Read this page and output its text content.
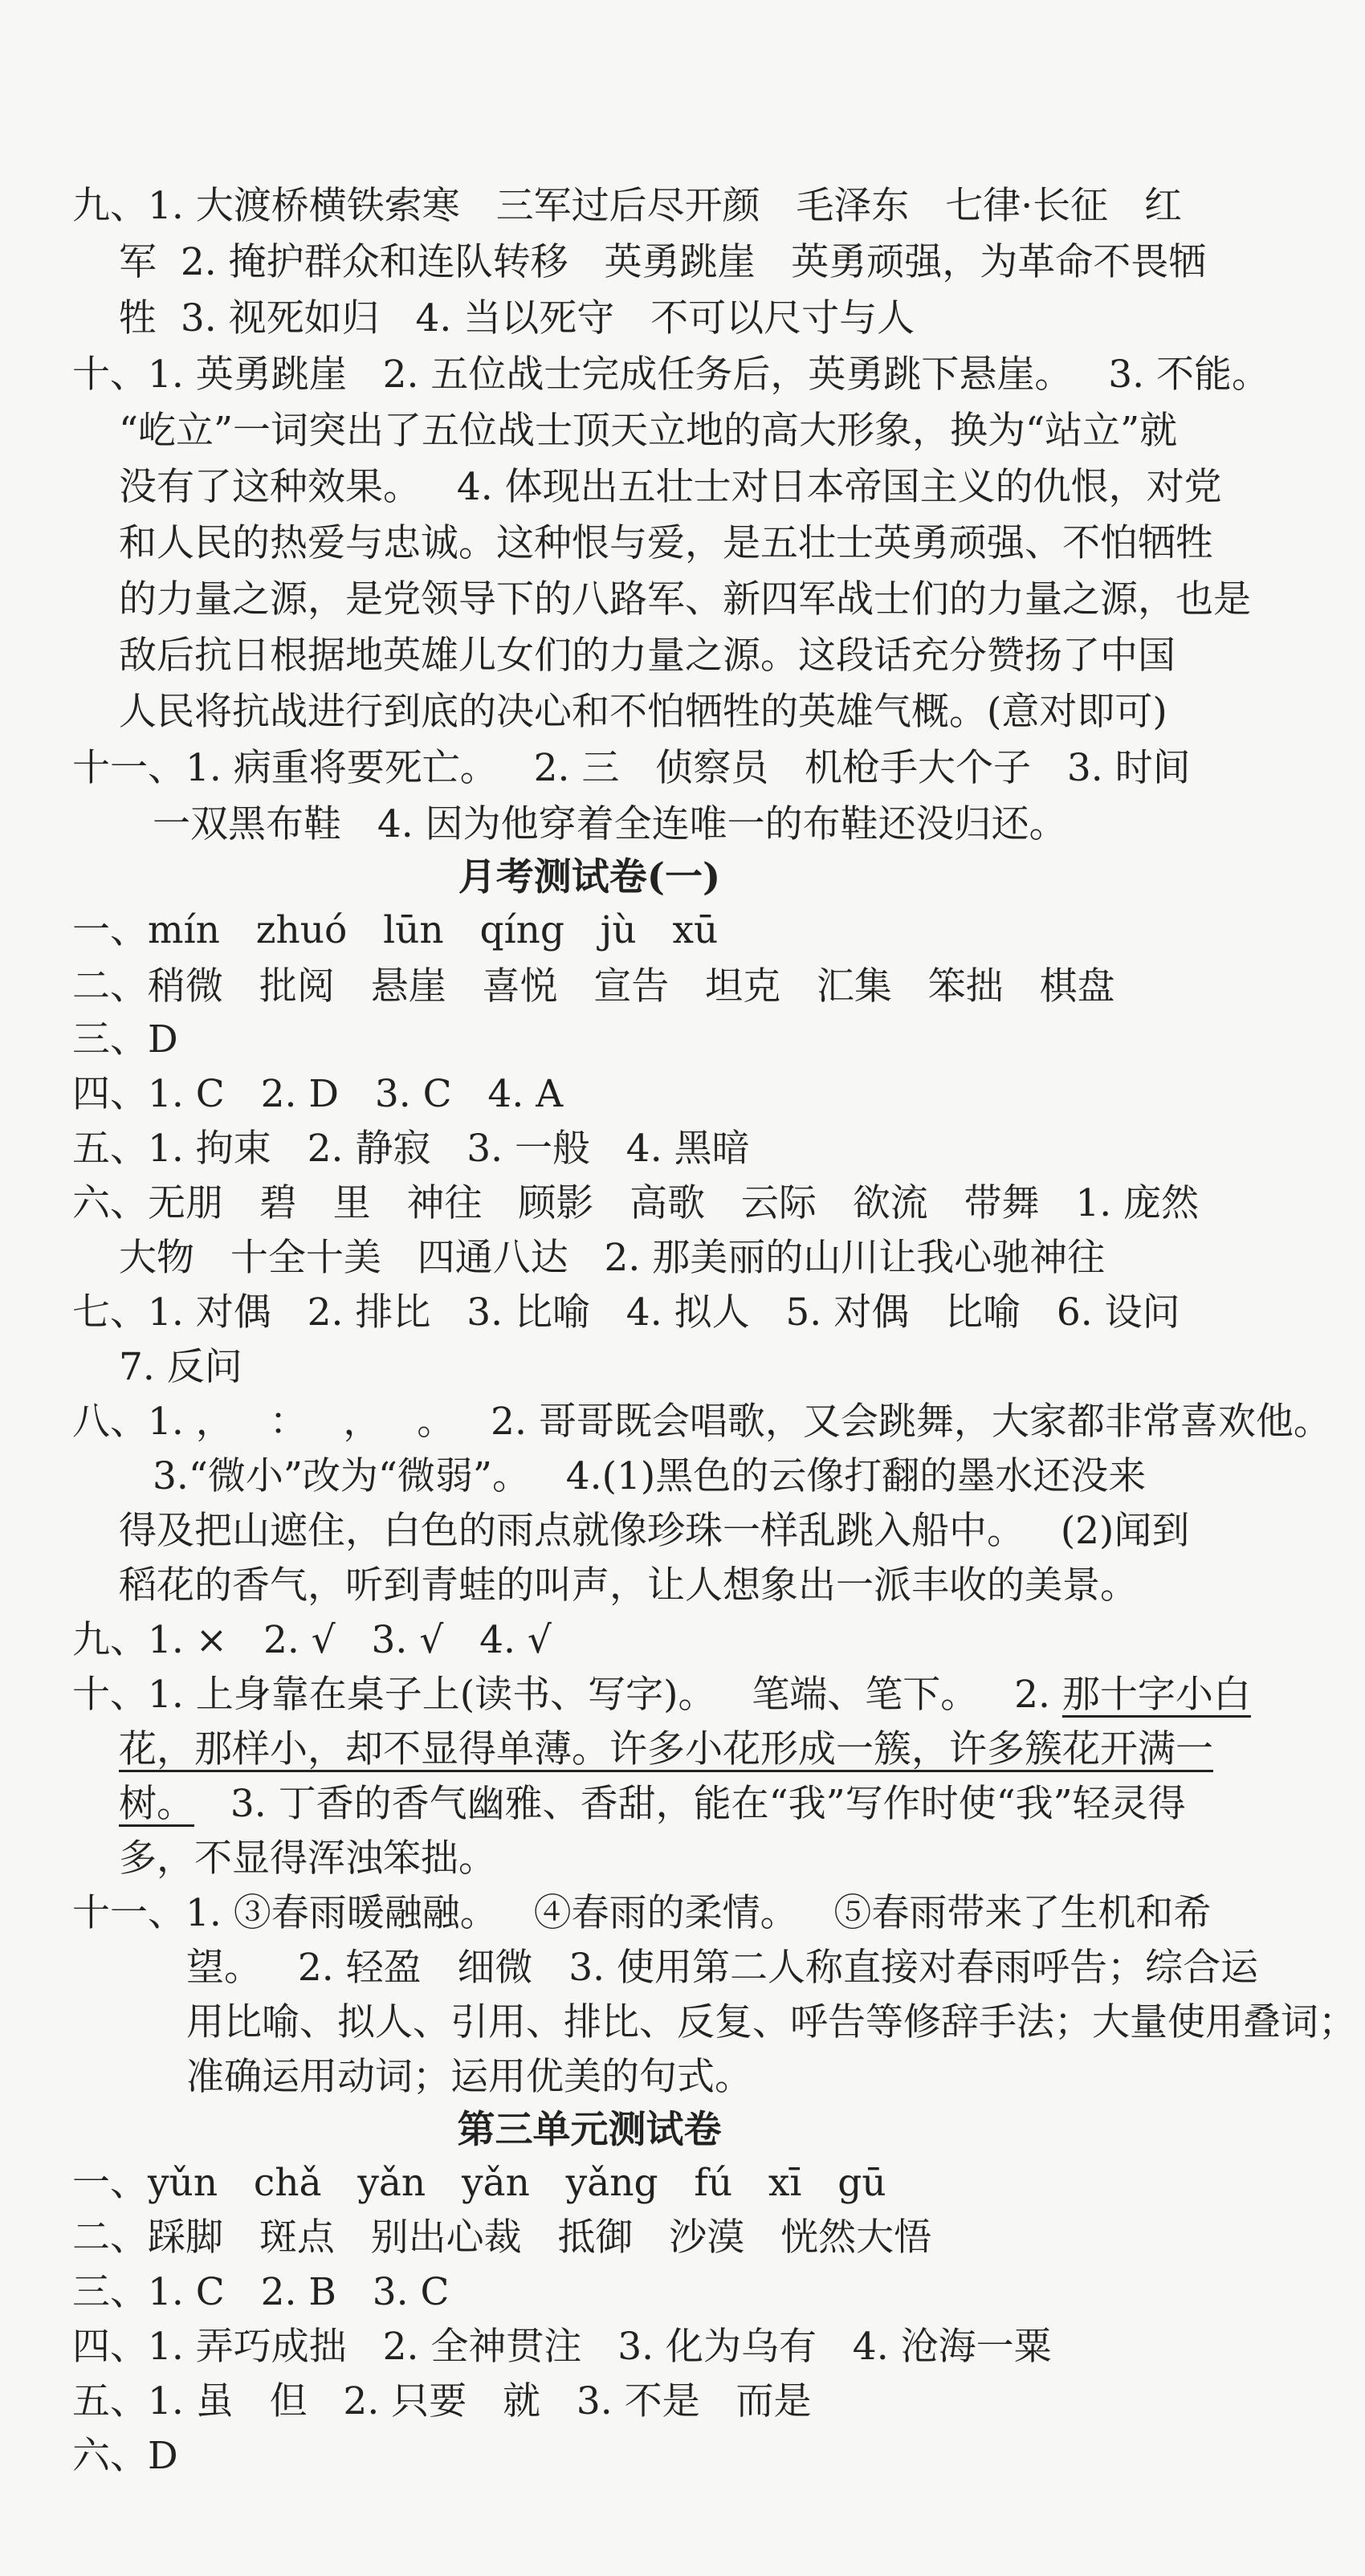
九、1. 大渡桥横铁索寒   三军过后尽开颜   毛泽东   七律·长征   红
军  2. 掩护群众和连队转移   英勇跳崖   英勇顽强，为革命不畏牺
牲  3. 视死如归   4. 当以死守   不可以尺寸与人
十、1. 英勇跳崖   2. 五位战士完成任务后，英勇跳下悬崖。   3. 不能。
“屹立”一词突出了五位战士顶天立地的高大形象，换为“站立”就
没有了这种效果。   4. 体现出五壮士对日本帝国主义的仇恨，对党
和人民的热爱与忠诚。这种恨与爱，是五壮士英勇顽强、不怕牺牲
的力量之源，是党领导下的八路军、新四军战士们的力量之源，也是
敌后抗日根据地英雄儿女们的力量之源。这段话充分赞扬了中国
人民将抗战进行到底的决心和不怕牺牲的英雄气概。(意对即可)
十一、1. 病重将要死亡。   2. 三   侦察员   机枪手大个子   3. 时间
一双黑布鞋   4. 因为他穿着全连唯一的布鞋还没归还。
月考测试卷(一)
一、mín   zhuó   lūn   qíng   jù   xū
二、稍微   批阅   悬崖   喜悦   宣告   坦克   汇集   笨拙   棋盘
三、D
四、1. C   2. D   3. C   4. A
五、1. 拘束   2. 静寂   3. 一般   4. 黑暗
六、无朋   碧   里   神往   顾影   高歌   云际   欲流   带舞   1. 庞然
大物   十全十美   四通八达   2. 那美丽的山川让我心驰神往
七、1. 对偶   2. 排比   3. 比喻   4. 拟人   5. 对偶   比喻   6. 设问
7. 反问
八、1. ，   ：   ，   。   2. 哥哥既会唱歌，又会跳舞，大家都非常喜欢他。
3.“微小”改为“微弱”。   4.(1)黑色的云像打翻的墨水还没来
得及把山遮住，白色的雨点就像珍珠一样乱跳入船中。   (2)闻到
稻花的香气，听到青蛙的叫声，让人想象出一派丰收的美景。
九、1. ×   2. √   3. √   4. √
十、1. 上身靠在桌子上(读书、写字)。   笔端、笔下。   2. 那十字小白
花，那样小，却不显得单薄。许多小花形成一簇，许多簇花开满一
树。   3. 丁香的香气幽雅、香甜，能在“我”写作时使“我”轻灵得
多，不显得浑浊笨拙。
十一、1. ③春雨暖融融。   ④春雨的柔情。   ⑤春雨带来了生机和希
望。   2. 轻盈   细微   3. 使用第二人称直接对春雨呼告；综合运
用比喻、拟人、引用、排比、反复、呼告等修辞手法；大量使用叠词；
准确运用动词；运用优美的句式。
第三单元测试卷
一、yǔn   chǎ   yǎn   yǎn   yǎng   fú   xī   gū
二、踩脚   斑点   别出心裁   抵御   沙漠   恍然大悟
三、1. C   2. B   3. C
四、1. 弄巧成拙   2. 全神贯注   3. 化为乌有   4. 沧海一粟
五、1. 虽   但   2. 只要   就   3. 不是   而是
六、D
